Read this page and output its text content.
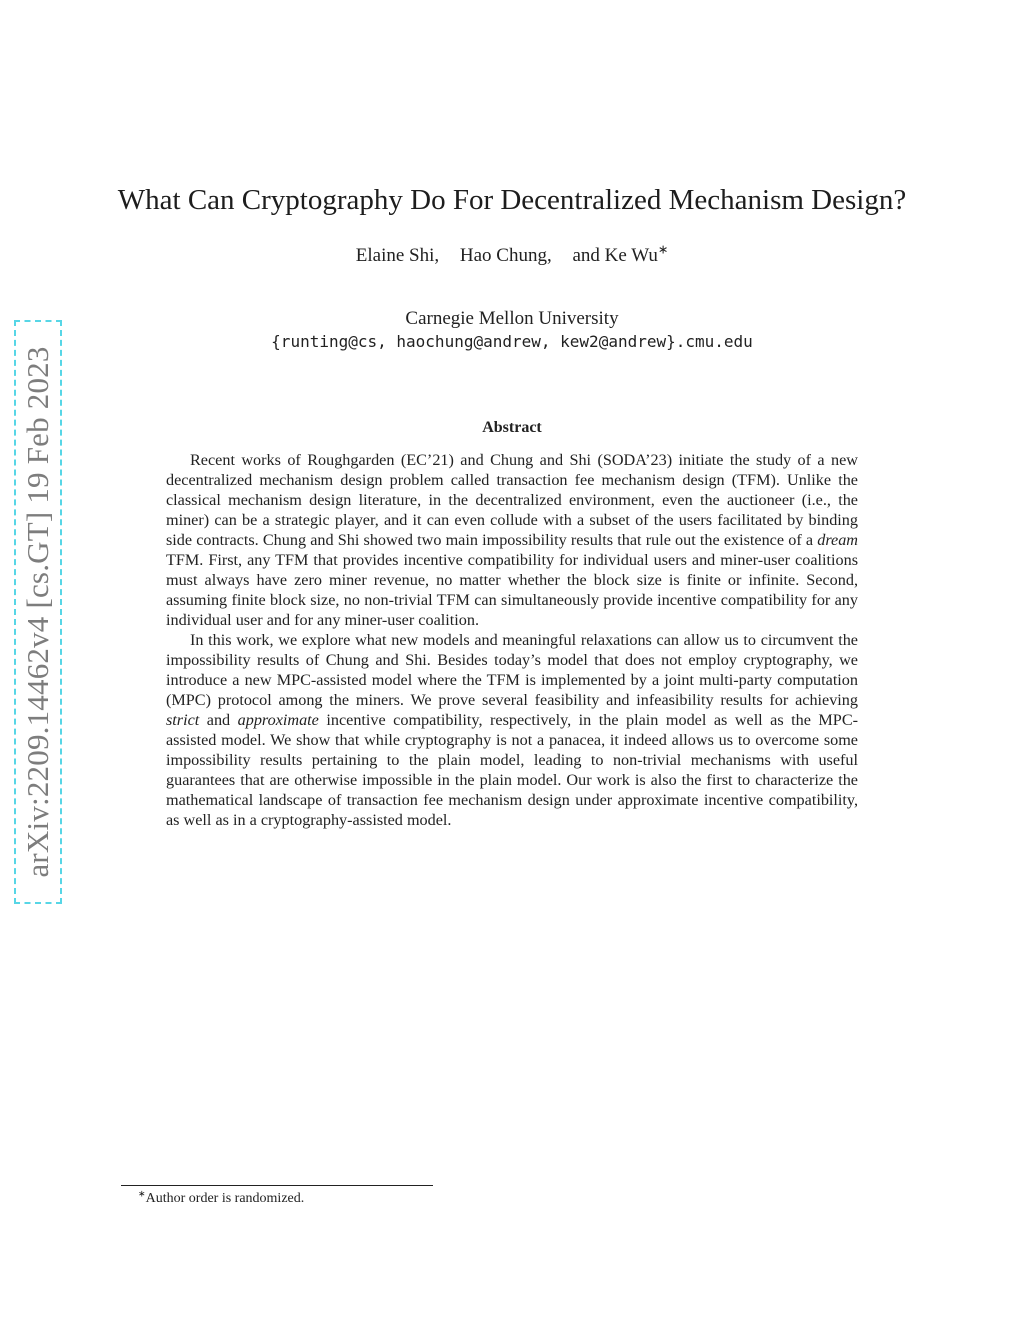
arXiv:2209.14462v4 [cs.GT] 19 Feb 2023
What Can Cryptography Do For Decentralized Mechanism Design?
Elaine Shi, Hao Chung, and Ke Wu∗
Carnegie Mellon University
{runting@cs, haochung@andrew, kew2@andrew}.cmu.edu
Abstract

Recent works of Roughgarden (EC’21) and Chung and Shi (SODA’23) initiate the study of a new decentralized mechanism design problem called transaction fee mechanism design (TFM). Unlike the classical mechanism design literature, in the decentralized environment, even the auctioneer (i.e., the miner) can be a strategic player, and it can even collude with a subset of the users facilitated by binding side contracts. Chung and Shi showed two main impossibility results that rule out the existence of a dream TFM. First, any TFM that provides incentive compatibility for individual users and miner-user coalitions must always have zero miner revenue, no matter whether the block size is finite or infinite. Second, assuming finite block size, no non-trivial TFM can simultaneously provide incentive compatibility for any individual user and for any miner-user coalition.

In this work, we explore what new models and meaningful relaxations can allow us to circumvent the impossibility results of Chung and Shi. Besides today’s model that does not employ cryptography, we introduce a new MPC-assisted model where the TFM is implemented by a joint multi-party computation (MPC) protocol among the miners. We prove several feasibility and infeasibility results for achieving strict and approximate incentive compatibility, respectively, in the plain model as well as the MPC-assisted model. We show that while cryptography is not a panacea, it indeed allows us to overcome some impossibility results pertaining to the plain model, leading to non-trivial mechanisms with useful guarantees that are otherwise impossible in the plain model. Our work is also the first to characterize the mathematical landscape of transaction fee mechanism design under approximate incentive compatibility, as well as in a cryptography-assisted model.

∗Author order is randomized.
